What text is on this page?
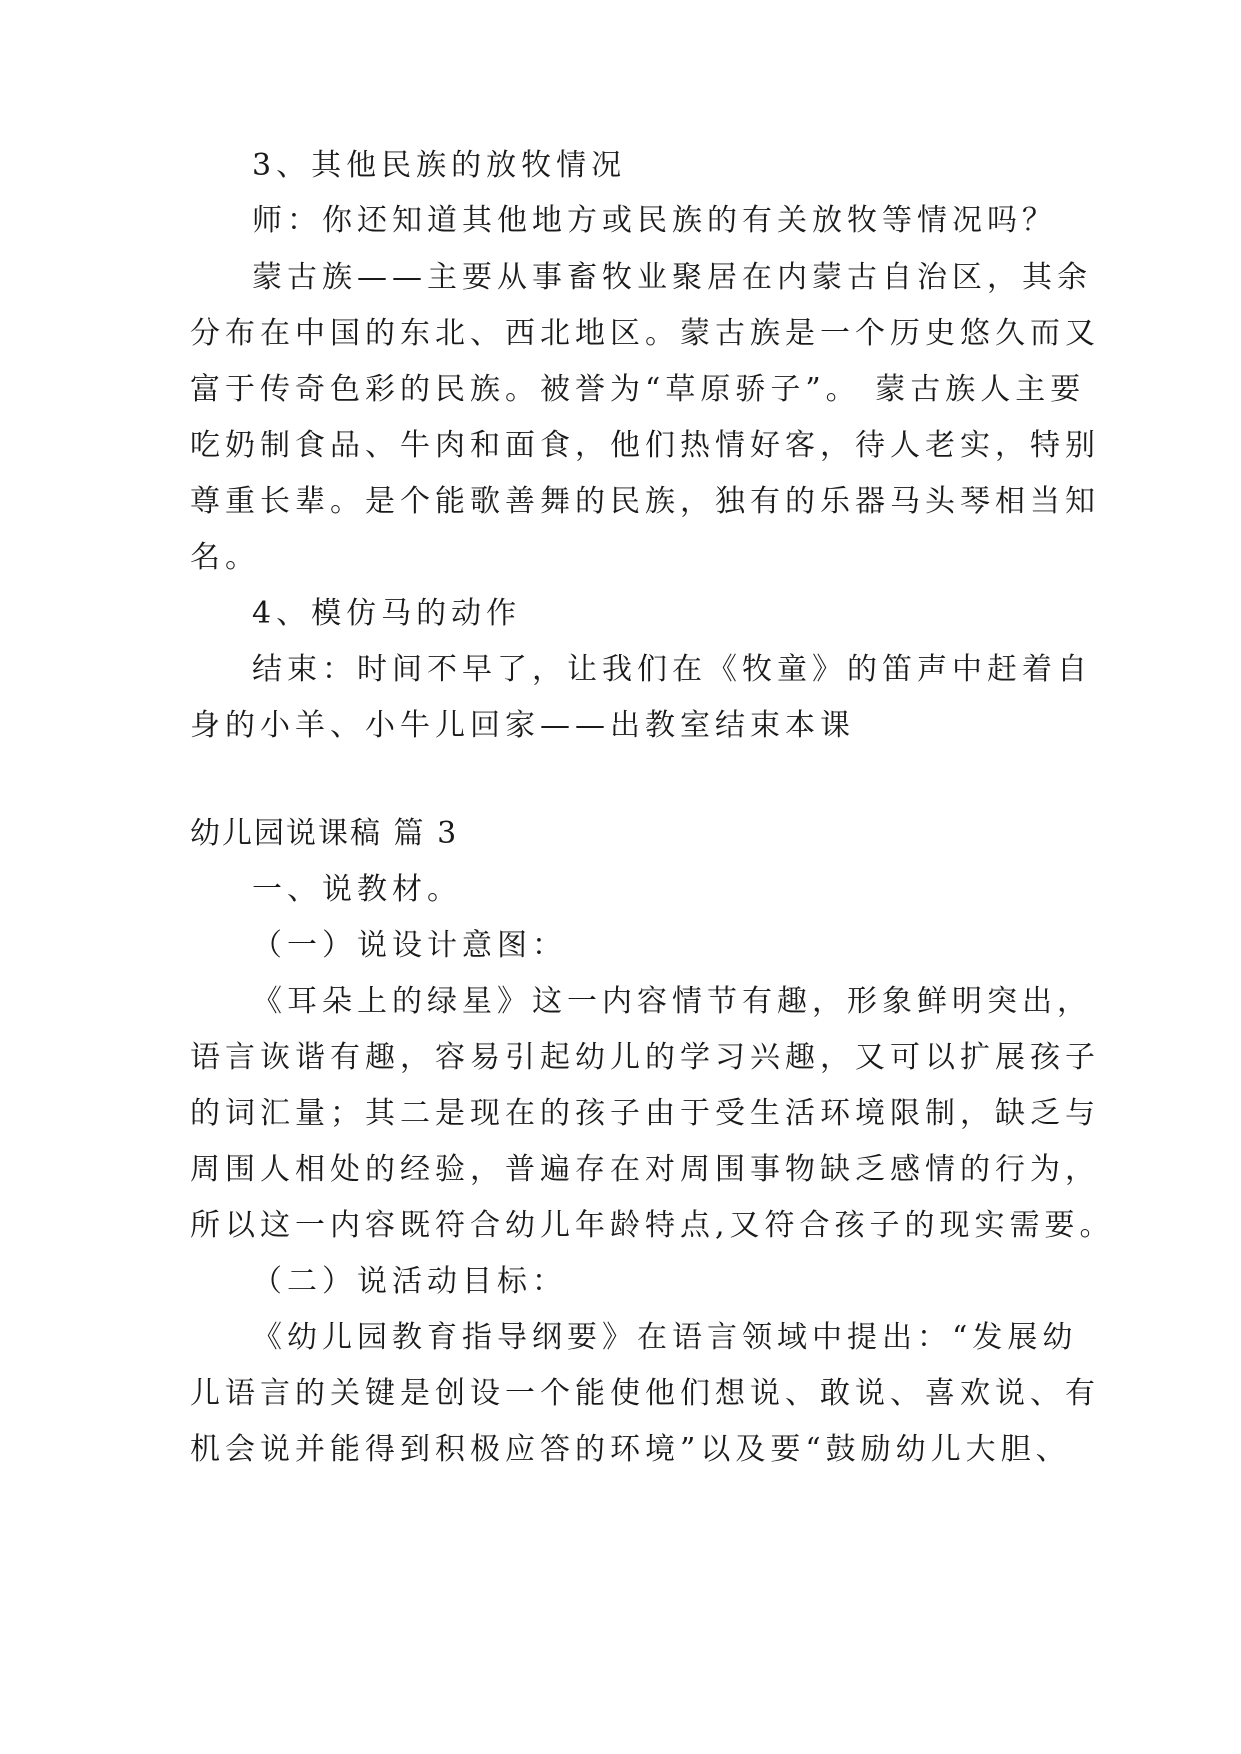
3、其他民族的放牧情况
师：你还知道其他地方或民族的有关放牧等情况吗？
蒙古族——主要从事畜牧业聚居在内蒙古自治区，其余
分布在中国的东北、西北地区。蒙古族是一个历史悠久而又
富于传奇色彩的民族。被誉为“草原骄子”。 蒙古族人主要
吃奶制食品、牛肉和面食，他们热情好客，待人老实，特别
尊重长辈。是个能歌善舞的民族，独有的乐器马头琴相当知
名。
4、模仿马的动作
结束：时间不早了，让我们在《牧童》的笛声中赶着自
身的小羊、小牛儿回家——出教室结束本课
幼儿园说课稿 篇 3
一、说教材。
（一）说设计意图：
《耳朵上的绿星》这一内容情节有趣，形象鲜明突出，
语言诙谐有趣，容易引起幼儿的学习兴趣，又可以扩展孩子
的词汇量；其二是现在的孩子由于受生活环境限制，缺乏与
周围人相处的经验，普遍存在对周围事物缺乏感情的行为，
所以这一内容既符合幼儿年龄特点,又符合孩子的现实需要。
（二）说活动目标：
《幼儿园教育指导纲要》在语言领域中提出：“发展幼
儿语言的关键是创设一个能使他们想说、敢说、喜欢说、有
机会说并能得到积极应答的环境”以及要“鼓励幼儿大胆、
